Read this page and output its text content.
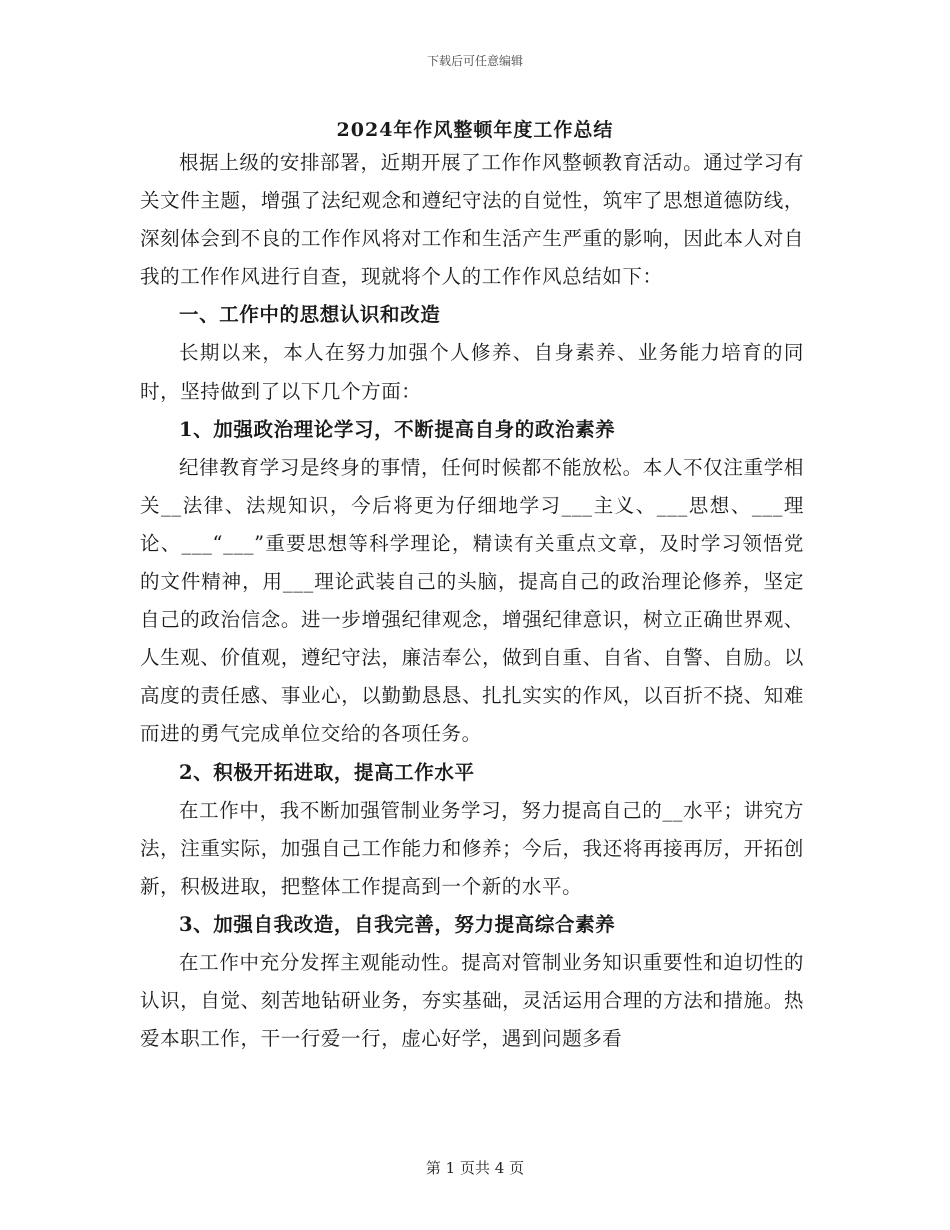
下载后可任意编辑
2024年作风整顿年度工作总结

根据上级的安排部署，近期开展了工作作风整顿教育活动。通过学习有关文件主题，增强了法纪观念和遵纪守法的自觉性，筑牢了思想道德防线，深刻体会到不良的工作作风将对工作和生活产生严重的影响，因此本人对自我的工作作风进行自查，现就将个人的工作作风总结如下：

一、工作中的思想认识和改造

长期以来，本人在努力加强个人修养、自身素养、业务能力培育的同时，坚持做到了以下几个方面：

1、加强政治理论学习，不断提高自身的政治素养

纪律教育学习是终身的事情，任何时候都不能放松。本人不仅注重学相关__法律、法规知识，今后将更为仔细地学习___主义、___思想、___理论、___“___”重要思想等科学理论，精读有关重点文章，及时学习领悟党的文件精神，用___理论武装自己的头脑，提高自己的政治理论修养，坚定自己的政治信念。进一步增强纪律观念，增强纪律意识，树立正确世界观、人生观、价值观，遵纪守法，廉洁奉公，做到自重、自省、自警、自励。以高度的责任感、事业心，以勤勤恳恳、扎扎实实的作风，以百折不挠、知难而进的勇气完成单位交给的各项任务。

2、积极开拓进取，提高工作水平

在工作中，我不断加强管制业务学习，努力提高自己的__水平；讲究方法，注重实际，加强自己工作能力和修养；今后，我还将再接再厉，开拓创新，积极进取，把整体工作提高到一个新的水平。

3、加强自我改造，自我完善，努力提高综合素养

在工作中充分发挥主观能动性。提高对管制业务知识重要性和迫切性的认识，自觉、刻苦地钻研业务，夯实基础，灵活运用合理的方法和措施。热爱本职工作，干一行爱一行，虚心好学，遇到问题多看

第 1 页共 4 页
